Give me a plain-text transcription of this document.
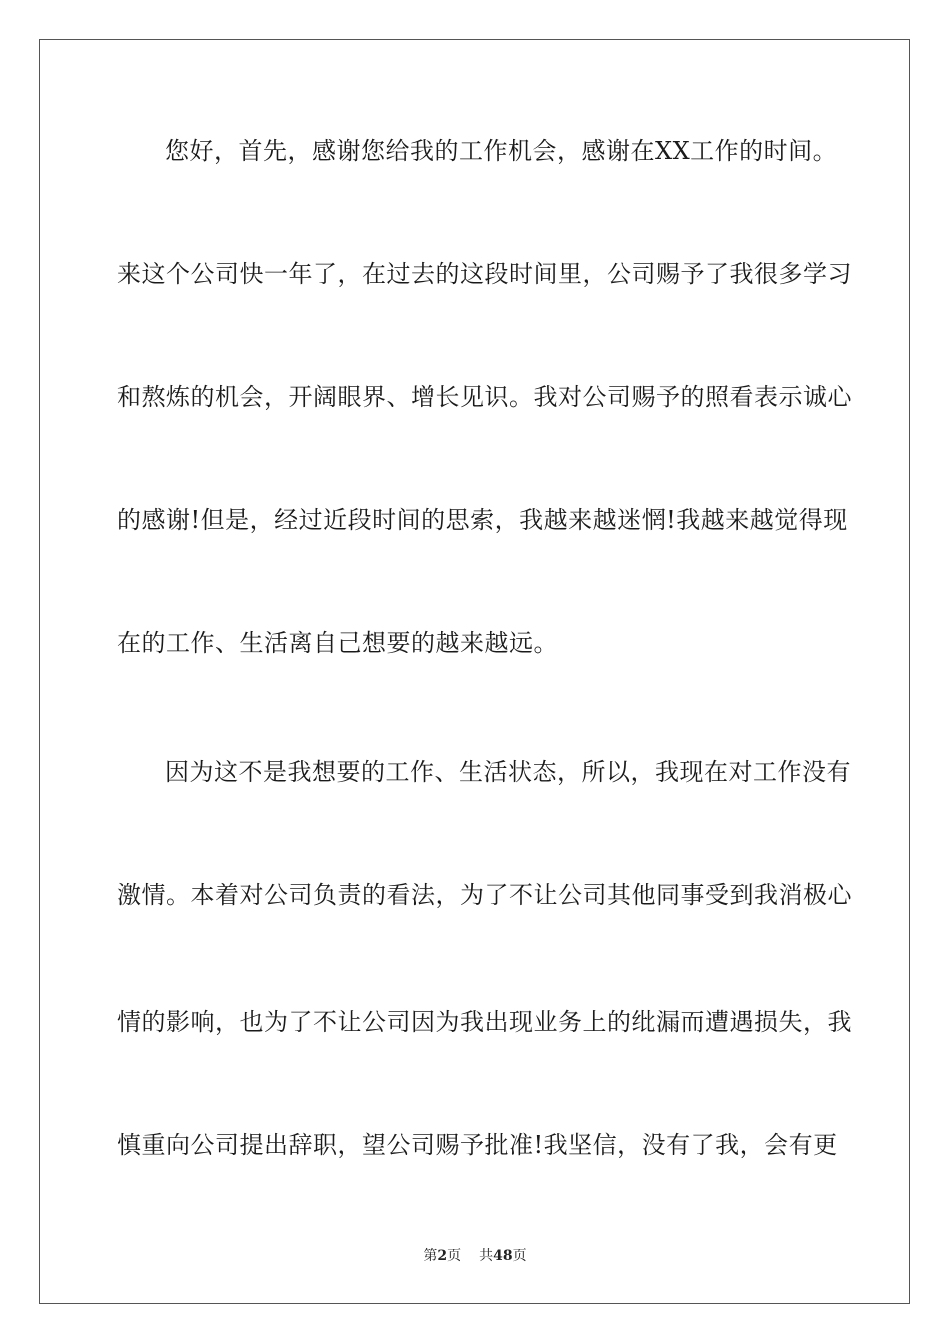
您好，首先，感谢您给我的工作机会，感谢在XX工作的时间。
来这个公司快一年了，在过去的这段时间里，公司赐予了我很多学习
和熬炼的机会，开阔眼界、增长见识。我对公司赐予的照看表示诚心
的感谢!但是，经过近段时间的思索，我越来越迷惘!我越来越觉得现
在的工作、生活离自己想要的越来越远。
因为这不是我想要的工作、生活状态，所以，我现在对工作没有
激情。本着对公司负责的看法，为了不让公司其他同事受到我消极心
情的影响，也为了不让公司因为我出现业务上的纰漏而遭遇损失，我
慎重向公司提出辞职，望公司赐予批准!我坚信，没有了我，会有更
第2页 共48页
